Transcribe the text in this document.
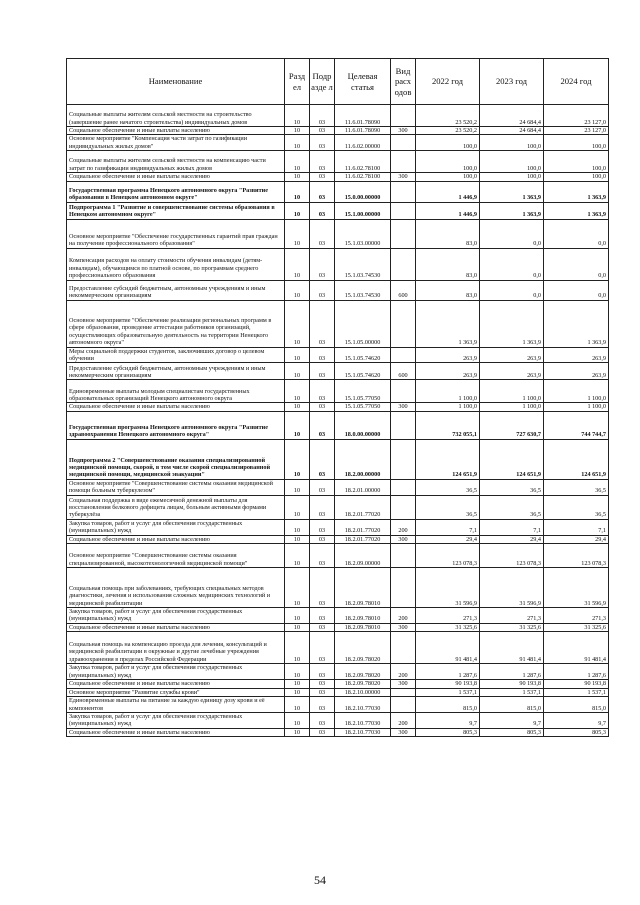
Наименование	Разд ел	Подр азде л	Целевая статья	Вид расх одов	2022 год	2023 год	2024 год
Социальные выплаты жителям сельской местности на строительство (завершение ранее начатого строительства) индивидуальных домов	10	03	11.6.01.78090		23 520,2	24 684,4	23 127,0
Социальное обеспечение и иные выплаты населению	10	03	11.6.01.78090	300	23 520,2	24 684,4	23 127,0
Основное мероприятие "Компенсация части затрат по газификации индивидуальных жилых домов"	10	03	11.6.02.00000		100,0	100,0	100,0
Социальные выплаты жителям сельской местности на компенсацию части затрат по газификации индивидуальных жилых домов	10	03	11.6.02.78100		100,0	100,0	100,0
Социальное обеспечение и иные выплаты населению	10	03	11.6.02.78100	300	100,0	100,0	100,0
Государственная программа Ненецкого автономного округа "Развитие образования в Ненецком автономном округе"	10	03	15.0.00.00000		1 446,9	1 363,9	1 363,9
Подпрограмма 1 "Развитие и совершенствование системы образования в Ненецком автономном округе"	10	03	15.1.00.00000		1 446,9	1 363,9	1 363,9
Основное мероприятие "Обеспечение государственных гарантий прав граждан на получение профессионального образования"	10	03	15.1.03.00000		83,0	0,0	0,0
Компенсация расходов на оплату стоимости обучения инвалидам (детям-инвалидам), обучающимся по платной основе, по программам среднего профессионального образования	10	03	15.1.03.74530		83,0	0,0	0,0
Предоставление субсидий бюджетным, автономным учреждениям и иным некоммерческим организациям	10	03	15.1.03.74530	600	83,0	0,0	0,0
Основное мероприятие "Обеспечение реализации региональных программ в сфере образования, проведение аттестации работников организаций, осуществляющих образовательную деятельность на территории Ненецкого автономного округа"	10	03	15.1.05.00000		1 363,9	1 363,9	1 363,9
Меры социальной поддержки студентов, заключивших договор о целевом обучении	10	03	15.1.05.74620		263,9	263,9	263,9
Предоставление субсидий бюджетным, автономным учреждениям и иным некоммерческим организациям	10	03	15.1.05.74620	600	263,9	263,9	263,9
Единовременные выплаты молодым специалистам государственных образовательных организаций Ненецкого автономного округа	10	03	15.1.05.77050		1 100,0	1 100,0	1 100,0
Социальное обеспечение и иные выплаты населению	10	03	15.1.05.77050	300	1 100,0	1 100,0	1 100,0
Государственная программа Ненецкого автономного округа "Развитие здравоохранения Ненецкого автономного округа"	10	03	18.0.00.00000		732 055,1	727 630,7	744 744,7
Подпрограмма 2 "Совершенствование оказания специализированной медицинской помощи, скорой, в том числе скорой специализированной медицинской помощи, медицинской эвакуации"	10	03	18.2.00.00000		124 651,9	124 651,9	124 651,9
Основное мероприятие "Совершенствование системы оказания медицинской помощи больным туберкулезом"	10	03	18.2.01.00000		36,5	36,5	36,5
Социальная поддержка в виде ежемесячной денежной выплаты для восстановления белкового дефицита лицам, больным активными формами туберкулёза	10	03	18.2.01.77020		36,5	36,5	36,5
Закупка товаров, работ и услуг для обеспечения государственных (муниципальных) нужд	10	03	18.2.01.77020	200	7,1	7,1	7,1
Социальное обеспечение и иные выплаты населению	10	03	18.2.01.77020	300	29,4	29,4	29,4
Основное мероприятие "Совершенствование системы оказания специализированной, высокотехнологичной медицинской помощи"	10	03	18.2.09.00000		123 078,3	123 078,3	123 078,3
Социальная помощь при заболеваниях, требующих специальных методов диагностики, лечения и использования сложных медицинских технологий и медицинской реабилитации	10	03	18.2.09.78010		31 596,9	31 596,9	31 596,9
Закупка товаров, работ и услуг для обеспечения государственных (муниципальных) нужд	10	03	18.2.09.78010	200	271,3	271,3	271,3
Социальное обеспечение и иные выплаты населению	10	03	18.2.09.78010	300	31 325,6	31 325,6	31 325,6
Социальная помощь на компенсацию проезда для лечения, консультаций и медицинской реабилитации в окружные и другие лечебные учреждения здравоохранения в пределах Российской Федерации	10	03	18.2.09.78020		91 481,4	91 481,4	91 481,4
Закупка товаров, работ и услуг для обеспечения государственных (муниципальных) нужд	10	03	18.2.09.78020	200	1 287,6	1 287,6	1 287,6
Социальное обеспечение и иные выплаты населению	10	03	18.2.09.78020	300	90 193,8	90 193,8	90 193,8
Основное мероприятие "Развитие службы крови"	10	03	18.2.10.00000		1 537,1	1 537,1	1 537,1
Единовременные выплаты на питание за каждую единицу дозу крови и её компонентов	10	03	18.2.10.77030		815,0	815,0	815,0
Закупка товаров, работ и услуг для обеспечения государственных (муниципальных) нужд	10	03	18.2.10.77030	200	9,7	9,7	9,7
Социальное обеспечение и иные выплаты населению	10	03	18.2.10.77030	300	805,3	805,3	805,3
54
